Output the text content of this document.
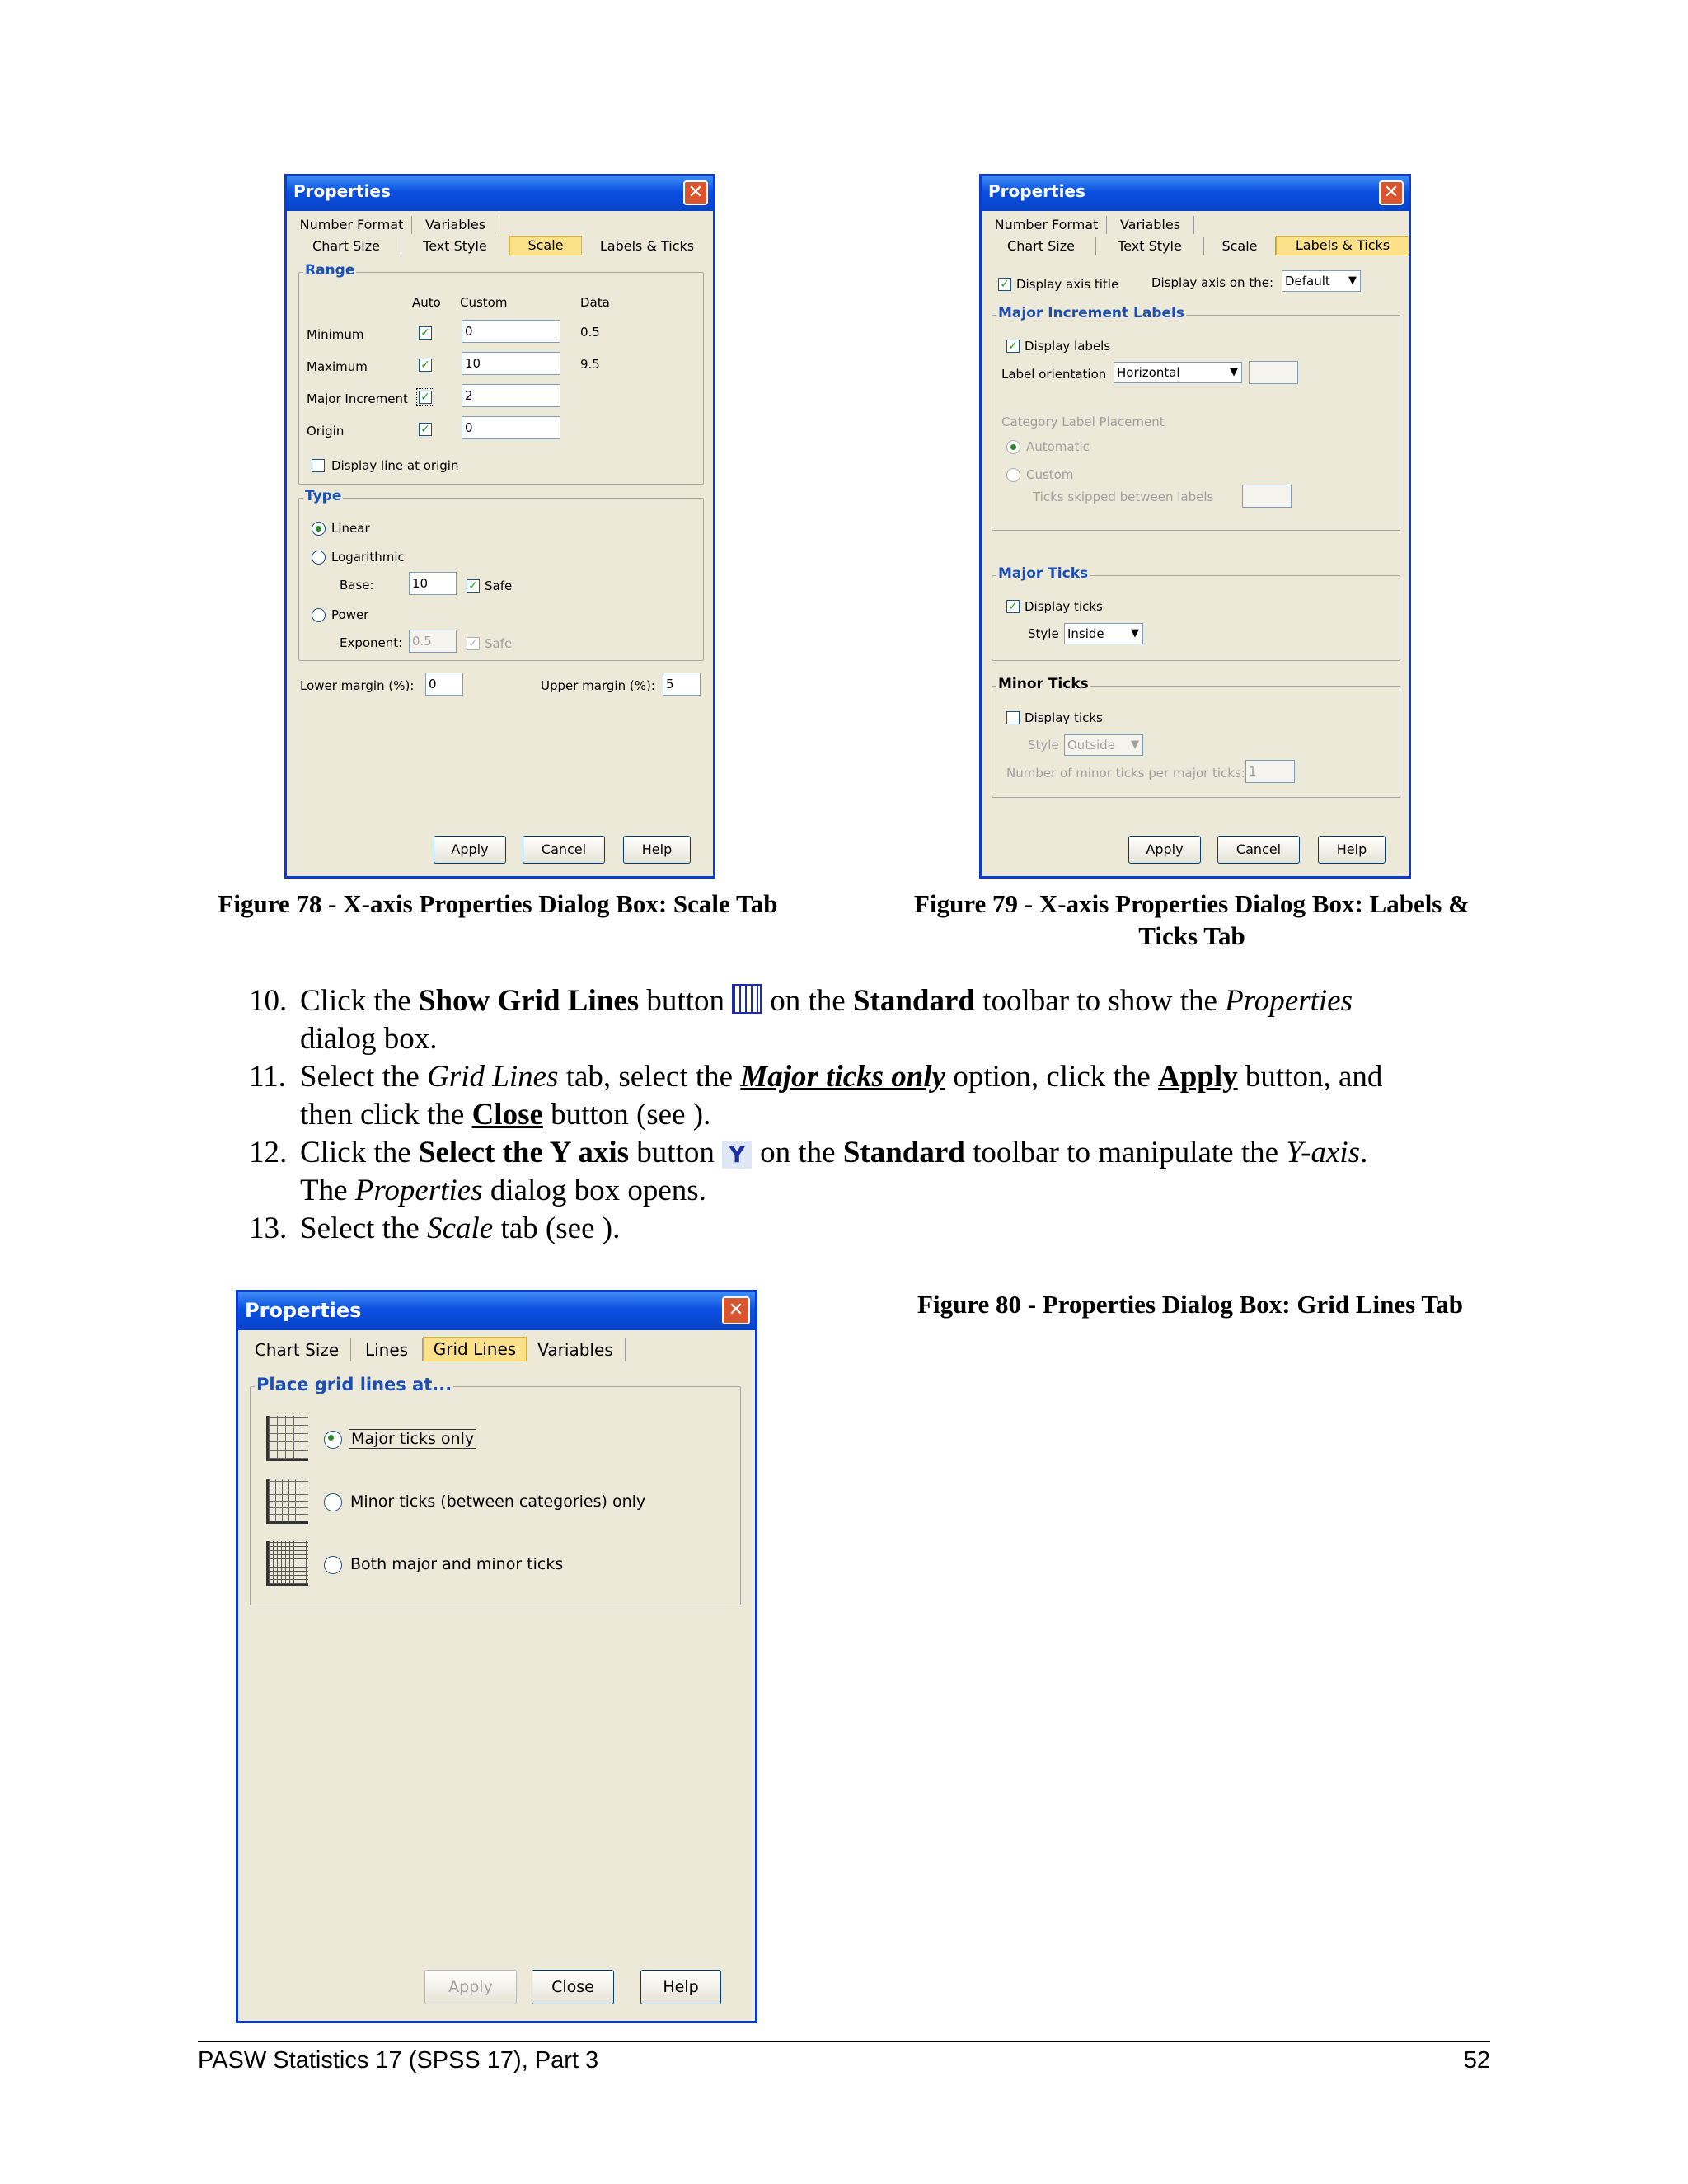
Properties	✕
Number Format	Variables
Chart Size	Text Style	Scale	Labels & Ticks
Range
Auto Custom	Data
Minimum	✓	0	0.5
Maximum	✓	10	9.5
Major Increment ✓	2
Origin	✓	0
Display line at origin
Type
Linear
Logarithmic
Base:	10	✓ Safe
Power
Exponent: 0.5	✓ Safe
Lower margin (%): 0	Upper margin (%): 5
Apply	Cancel	Help
Figure 78 - X-axis Properties Dialog Box: Scale Tab
Properties	✕
Number Format	Variables
Chart Size	Text Style	Scale	Labels & Ticks
✓ Display axis title	Display axis on the: Default ▼
Major Increment Labels
✓ Display labels
Label orientation Horizontal ▼
Category Label Placement
Automatic
Custom
Ticks skipped between labels
Major Ticks
✓ Display ticks
Style Inside ▼
Minor Ticks
Display ticks
Style Outside ▼
Number of minor ticks per major ticks: 1
Apply	Cancel	Help
Figure 79 - X-axis Properties Dialog Box: Labels & Ticks Tab
10. Click the Show Grid Lines button on the Standard toolbar to show the Properties
dialog box.
11. Select the Grid Lines tab, select the Major ticks only option, click the Apply button, and
then click the Close button (see ).
12. Click the Select the Y axis button Y on the Standard toolbar to manipulate the Y-axis.
The Properties dialog box opens.
13. Select the Scale tab (see ).
Properties	✕
Chart Size	Lines	Grid Lines	Variables
Place grid lines at...
Major ticks only
Minor ticks (between categories) only
Both major and minor ticks
Apply	Close	Help
Figure 80 - Properties Dialog Box: Grid Lines Tab
PASW Statistics 17 (SPSS 17), Part 3	52
